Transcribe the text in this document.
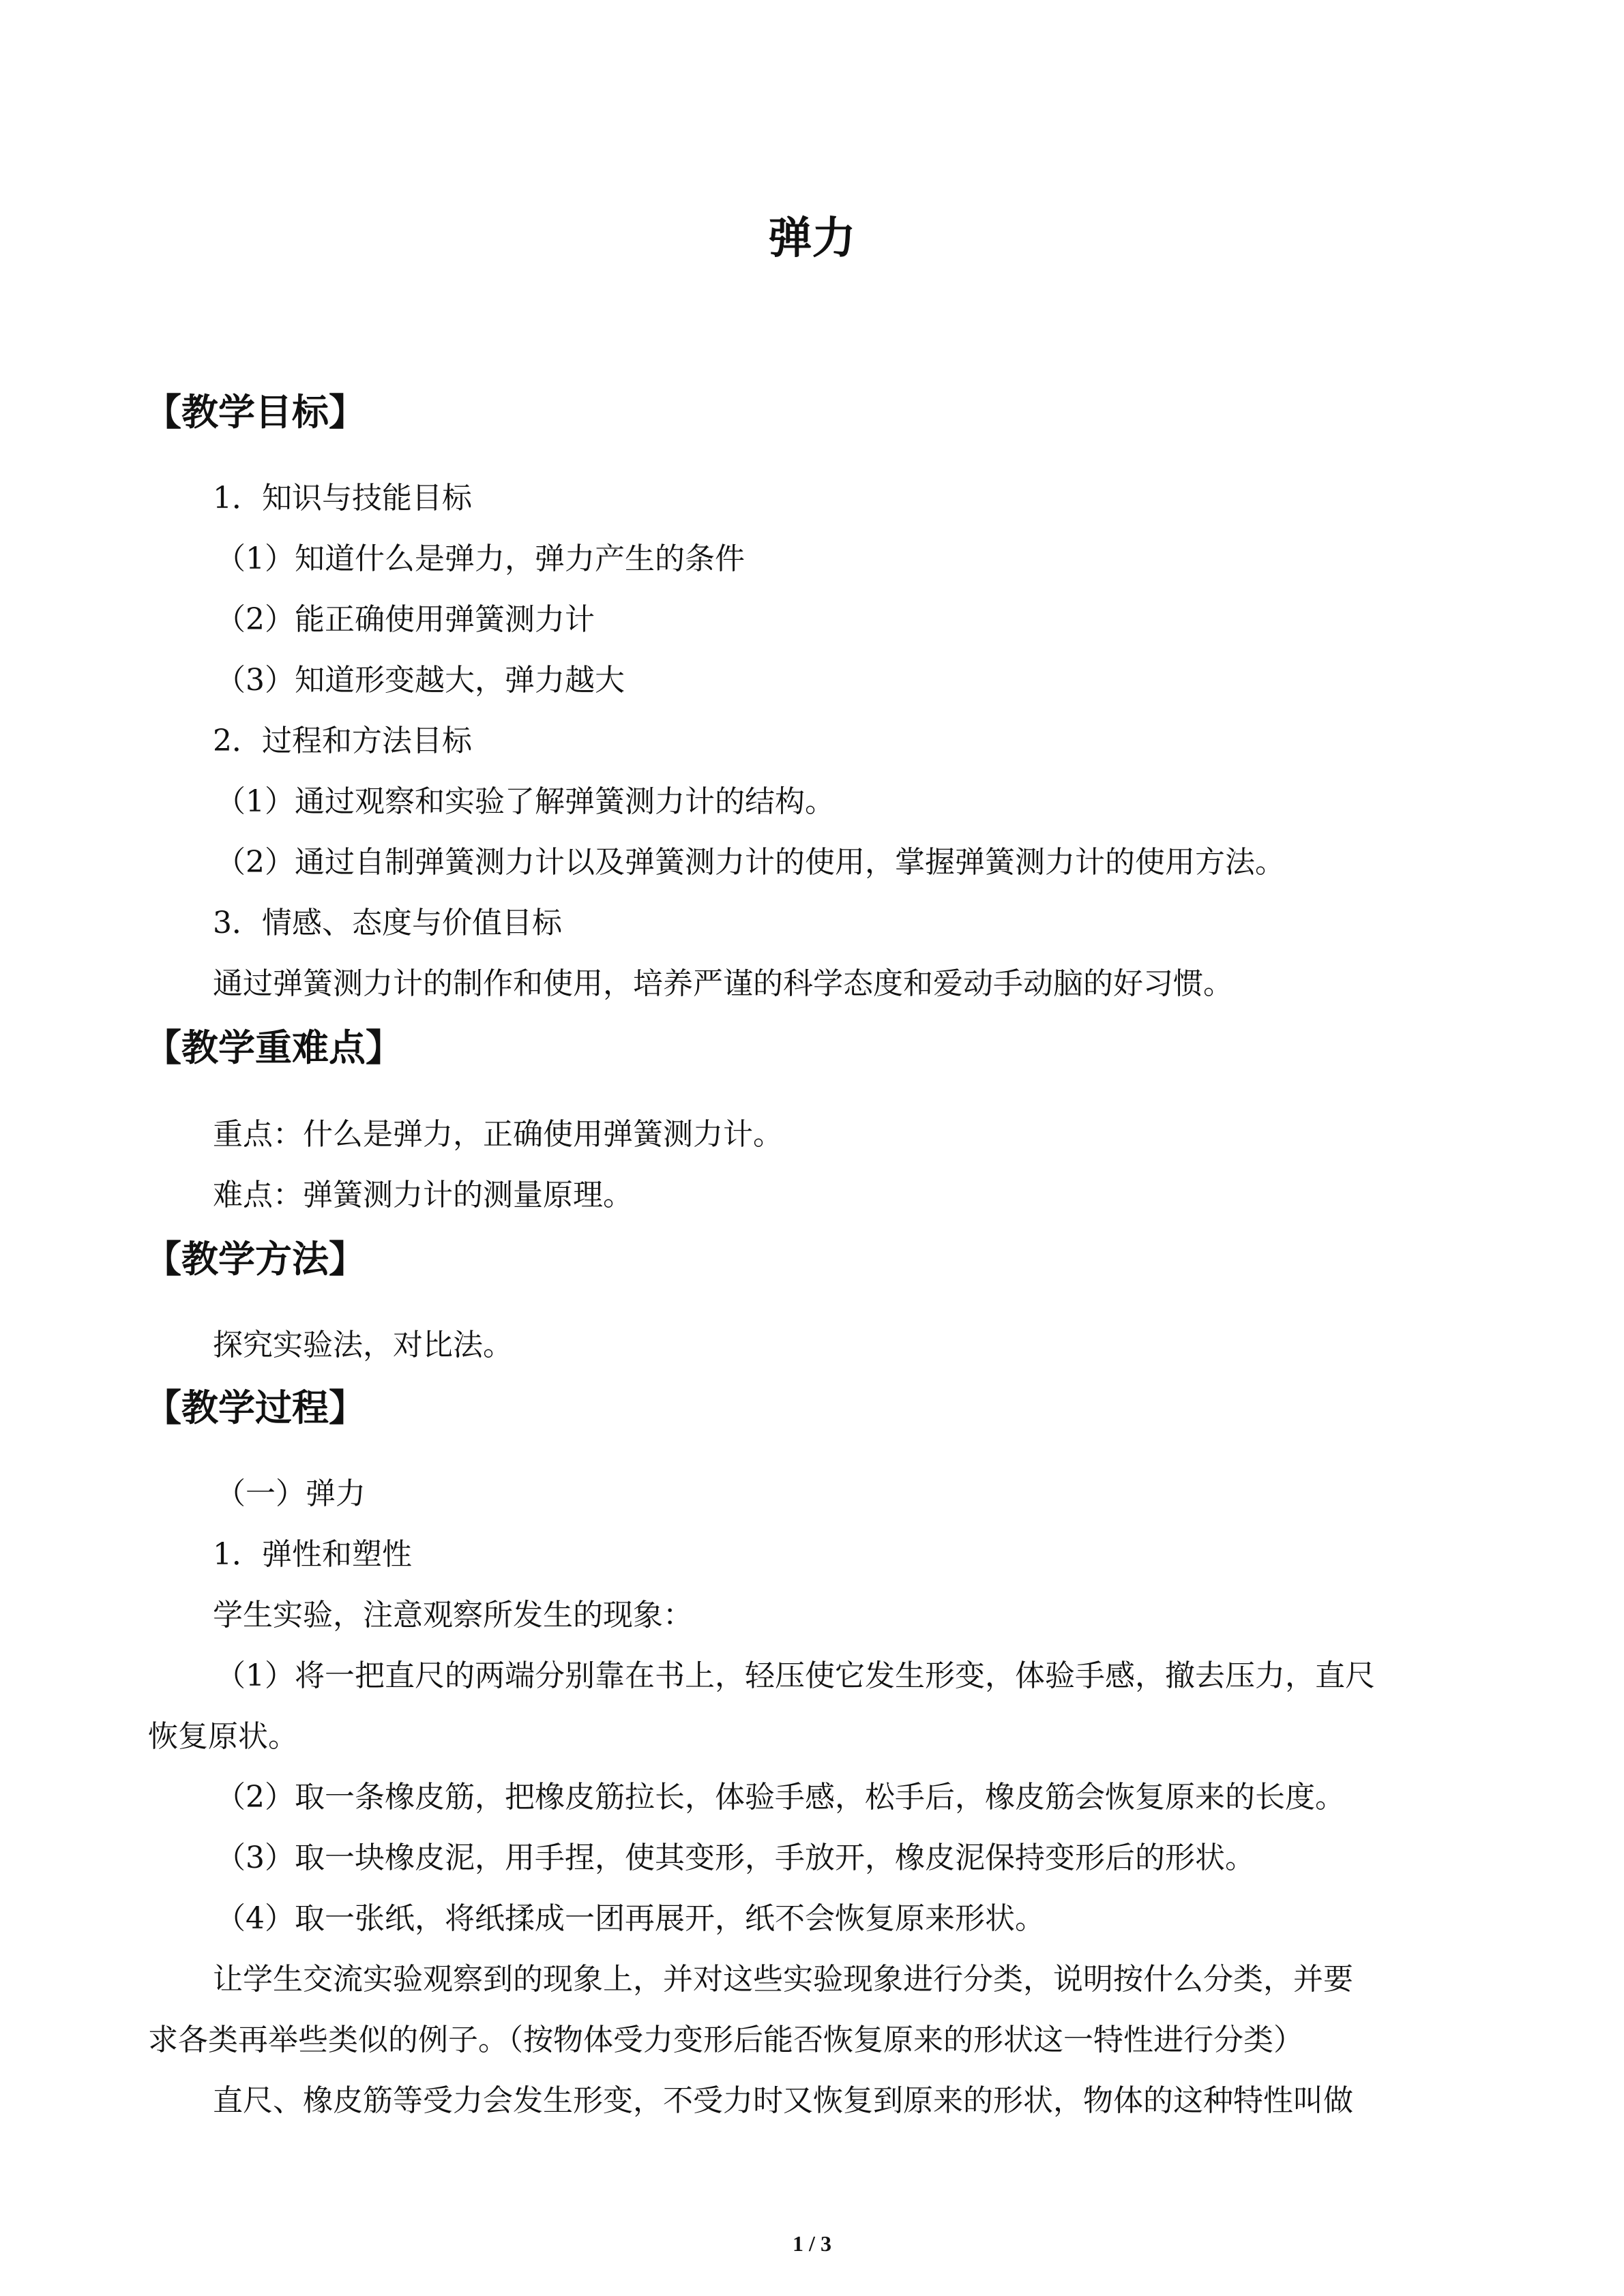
弹力
【教学目标】
1．知识与技能目标
（1）知道什么是弹力，弹力产生的条件
（2）能正确使用弹簧测力计
（3）知道形变越大，弹力越大
2．过程和方法目标
（1）通过观察和实验了解弹簧测力计的结构。
（2）通过自制弹簧测力计以及弹簧测力计的使用，掌握弹簧测力计的使用方法。
3．情感、态度与价值目标
通过弹簧测力计的制作和使用，培养严谨的科学态度和爱动手动脑的好习惯。
【教学重难点】
重点：什么是弹力，正确使用弹簧测力计。
难点：弹簧测力计的测量原理。
【教学方法】
探究实验法，对比法。
【教学过程】
（一）弹力
1．弹性和塑性
学生实验，注意观察所发生的现象：
（1）将一把直尺的两端分别靠在书上，轻压使它发生形变，体验手感，撤去压力，直尺
恢复原状。
（2）取一条橡皮筋，把橡皮筋拉长，体验手感，松手后，橡皮筋会恢复原来的长度。
（3）取一块橡皮泥，用手捏，使其变形，手放开，橡皮泥保持变形后的形状。
（4）取一张纸，将纸揉成一团再展开，纸不会恢复原来形状。
让学生交流实验观察到的现象上，并对这些实验现象进行分类，说明按什么分类，并要
求各类再举些类似的例子。（按物体受力变形后能否恢复原来的形状这一特性进行分类）
直尺、橡皮筋等受力会发生形变，不受力时又恢复到原来的形状，物体的这种特性叫做
1 / 3
